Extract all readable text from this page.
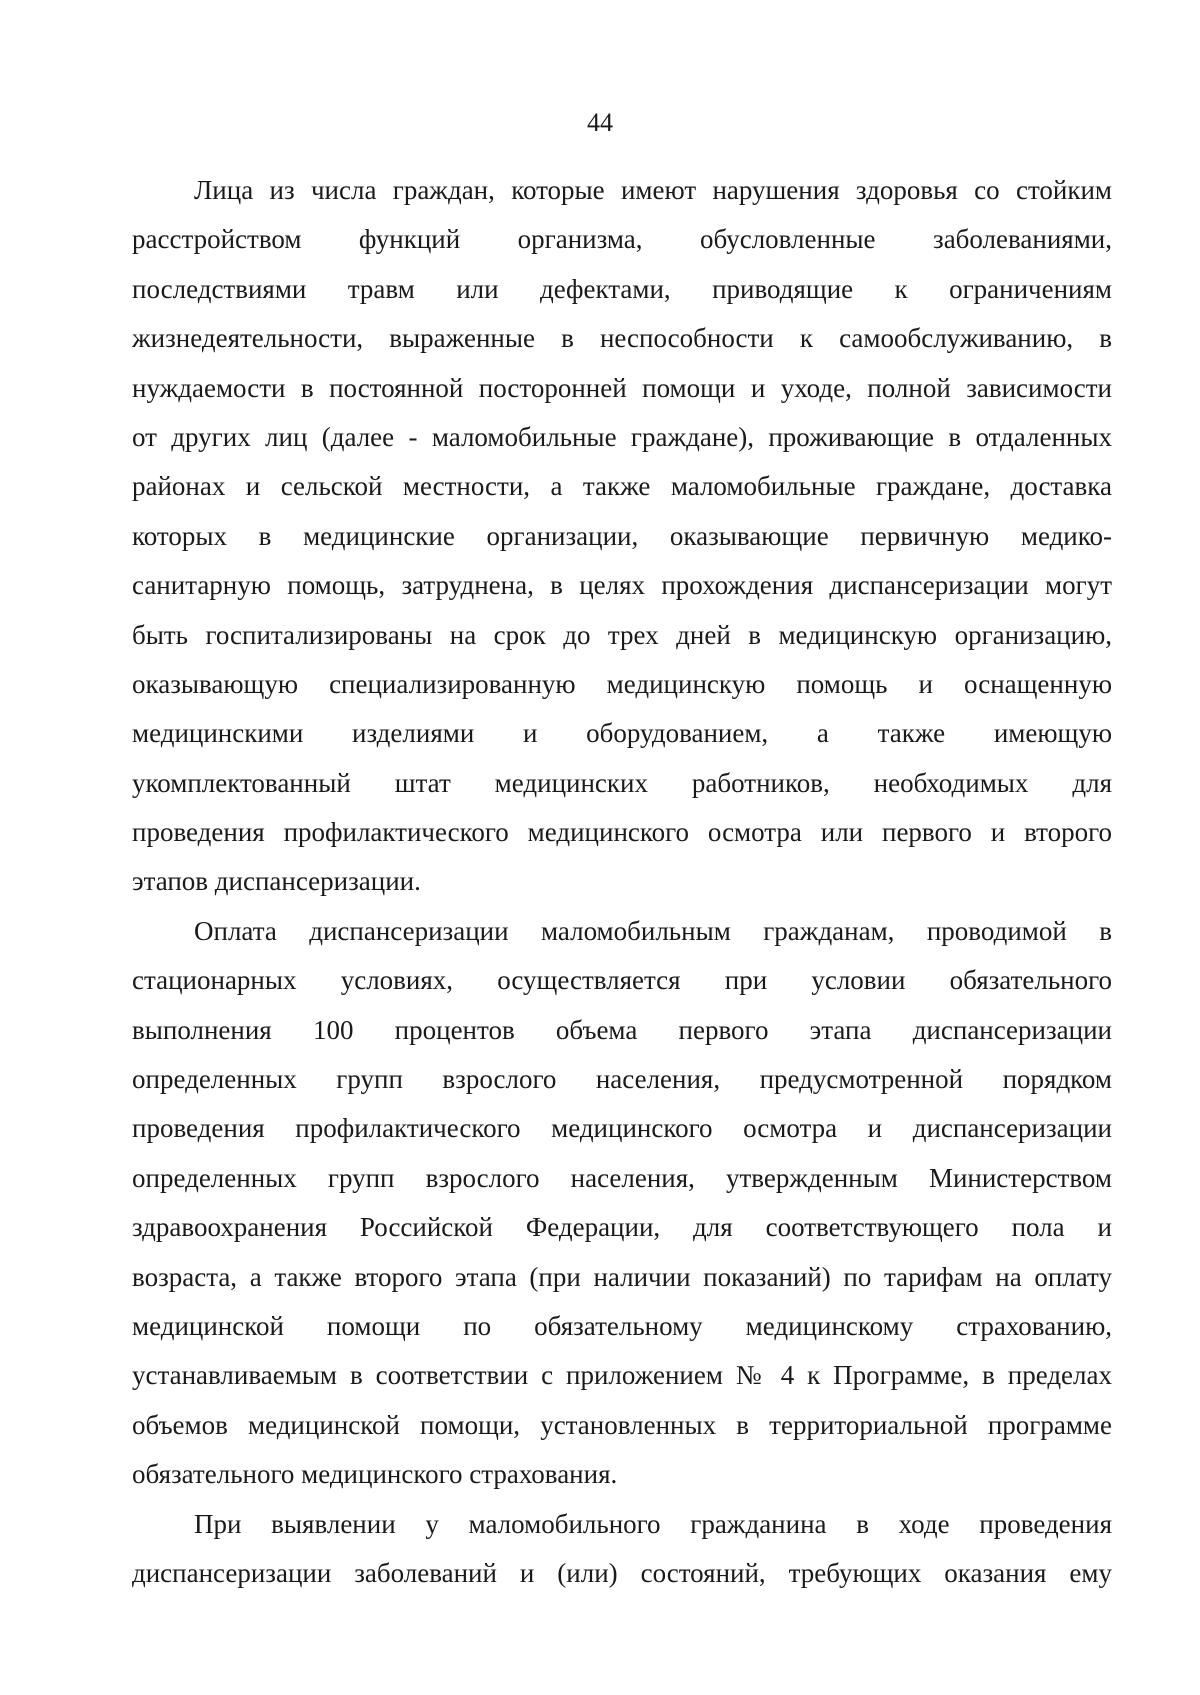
44
Лица из числа граждан, которые имеют нарушения здоровья со стойким
расстройством функций организма, обусловленные заболеваниями,
последствиями травм или дефектами, приводящие к ограничениям
жизнедеятельности, выраженные в неспособности к самообслуживанию, в
нуждаемости в постоянной посторонней помощи и уходе, полной зависимости
от других лиц (далее - маломобильные граждане), проживающие в отдаленных
районах и сельской местности, а также маломобильные граждане, доставка
которых в медицинские организации, оказывающие первичную медико-
санитарную помощь, затруднена, в целях прохождения диспансеризации могут
быть госпитализированы на срок до трех дней в медицинскую организацию,
оказывающую специализированную медицинскую помощь и оснащенную
медицинскими изделиями и оборудованием, а также имеющую
укомплектованный штат медицинских работников, необходимых для
проведения профилактического медицинского осмотра или первого и второго
этапов диспансеризации.
Оплата диспансеризации маломобильным гражданам, проводимой в
стационарных условиях, осуществляется при условии обязательного
выполнения 100 процентов объема первого этапа диспансеризации
определенных групп взрослого населения, предусмотренной порядком
проведения профилактического медицинского осмотра и диспансеризации
определенных групп взрослого населения, утвержденным Министерством
здравоохранения Российской Федерации, для соответствующего пола и
возраста, а также второго этапа (при наличии показаний) по тарифам на оплату
медицинской помощи по обязательному медицинскому страхованию,
устанавливаемым в соответствии с приложением № 4 к Программе, в пределах
объемов медицинской помощи, установленных в территориальной программе
обязательного медицинского страхования.
При выявлении у маломобильного гражданина в ходе проведения
диспансеризации заболеваний и (или) состояний, требующих оказания ему
